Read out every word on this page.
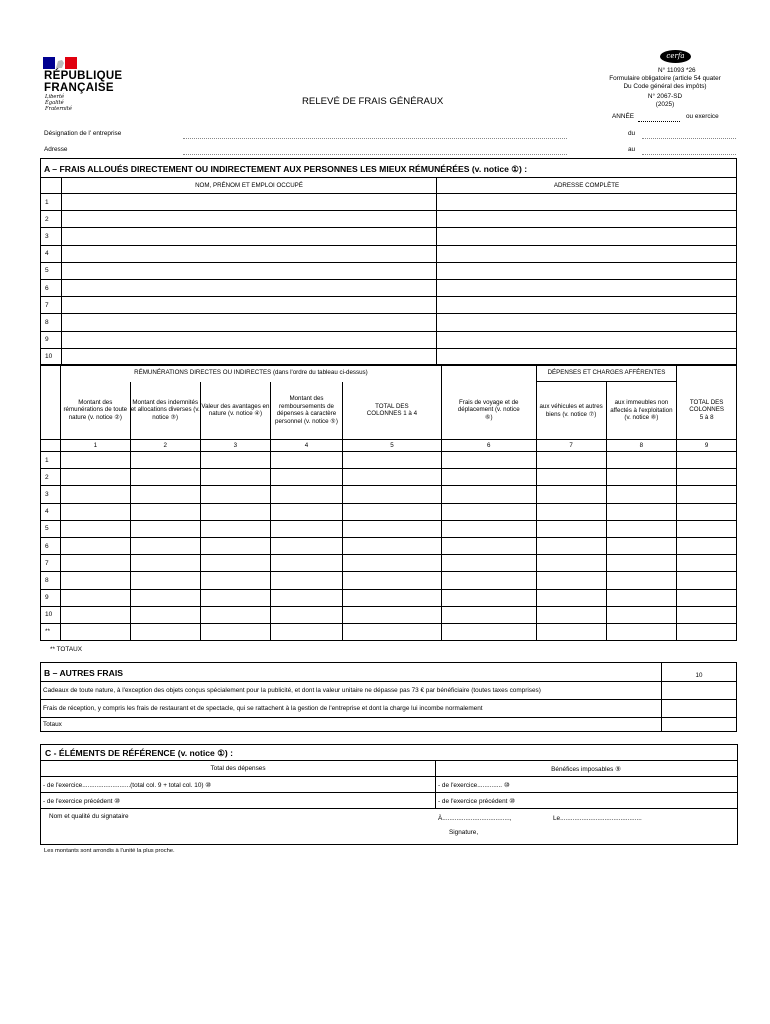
RÉPUBLIQUE
FRANÇAISE
Liberté
Égalité
Fraternité
RELEVÉ DE FRAIS GÉNÉRAUX
cerfa
N° 11093 *26
Formulaire obligatoire (article 54 quater
Du Code général des impôts)
N° 2067-SD
(2025)
ANNÉE	ou exercice
Désignation de l' entreprise
Adresse
du
au
A – FRAIS ALLOUÉS DIRECTEMENT OU INDIRECTEMENT AUX PERSONNES LES MIEUX RÉMUNÉRÉES (v. notice ①) :		
	NOM, PRÉNOM ET EMPLOI OCCUPÉ	ADRESSE COMPLÈTE
1		
2		
3		
4		
5		
6		
7		
8		
9		
10		
	RÉMUNÉRATIONS DIRECTES OU INDIRECTES (dans l'ordre du tableau ci-dessus)						DÉPENSES ET CHARGES AFFÉRENTES		
	Montant des rémunérations de toute nature (v. notice ②)	Montant des indemnités et allocations diverses (v. notice ③)	Valeur des avantages en nature (v. notice ④)	Montant des remboursements de dépenses à caractère personnel (v. notice ⑤)	TOTAL DES COLONNES 1 à 4	Frais de voyage et de déplacement (v. notice ⑥)	aux véhicules et autres biens (v. notice ⑦)	aux immeubles non affectés à l'exploitation (v. notice ⑧)	TOTAL DES COLONNES 5 à 8
	1	2	3	4	5	6	7	8	9
1									
2									
3									
4									
5									
6									
7									
8									
9									
10									
**									
** TOTAUX
B – AUTRES FRAIS	10
Cadeaux de toute nature, à l'exception des objets conçus spécialement pour la publicité, et dont la valeur unitaire ne dépasse pas 73 € par bénéficiaire (toutes taxes comprises)	
Frais de réception, y compris les frais de restaurant et de spectacle, qui se rattachent à la gestion de l'entreprise et dont la charge lui incombe normalement	
Totaux	
C - ÉLÉMENTS DE RÉFÉRENCE (v. notice ①) :
Total des dépenses	Bénéfices imposables ⑨
- de l'exercice...........................(total col. 9 + total col. 10) ⑩	- de l'exercice.............. ⑩
- de l'exercice précédent ⑩	- de l'exercice précédent ⑩
Nom et qualité du signataire	À......................................,	Le..............................................
Signature,
Les montants sont arrondis à l'unité la plus proche.
